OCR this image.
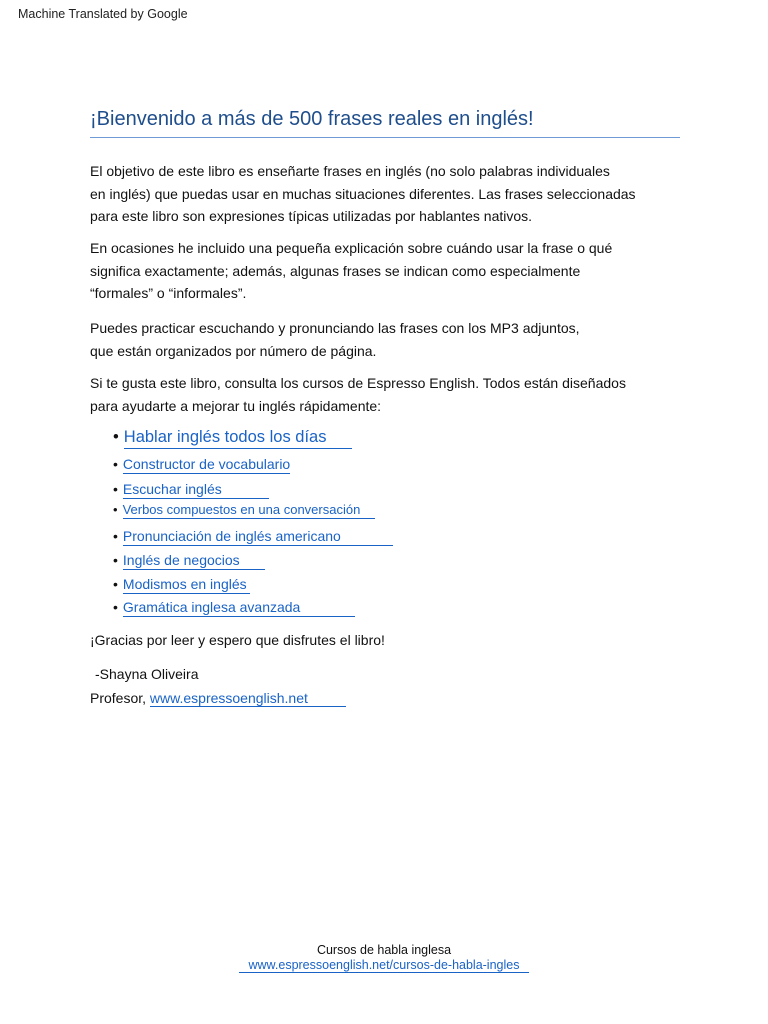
Machine Translated by Google
¡Bienvenido a más de 500 frases reales en inglés!
El objetivo de este libro es enseñarte frases en inglés (no solo palabras individuales
en inglés) que puedas usar en muchas situaciones diferentes. Las frases seleccionadas
para este libro son expresiones típicas utilizadas por hablantes nativos.
En ocasiones he incluido una pequeña explicación sobre cuándo usar la frase o qué
significa exactamente; además, algunas frases se indican como especialmente
“formales” o “informales”.
Puedes practicar escuchando y pronunciando las frases con los MP3 adjuntos,
que están organizados por número de página.
Si te gusta este libro, consulta los cursos de Espresso English. Todos están diseñados
para ayudarte a mejorar tu inglés rápidamente:
• Hablar inglés todos los días
• Constructor de vocabulario
• Escuchar inglés
• Verbos compuestos en una conversación
• Pronunciación de inglés americano
• Inglés de negocios
• Modismos en inglés
• Gramática inglesa avanzada
¡Gracias por leer y espero que disfrutes el libro!
-Shayna Oliveira
Profesor, www.espressoenglish.net
Cursos de habla inglesa
www.espressoenglish.net/cursos-de-habla-ingles
